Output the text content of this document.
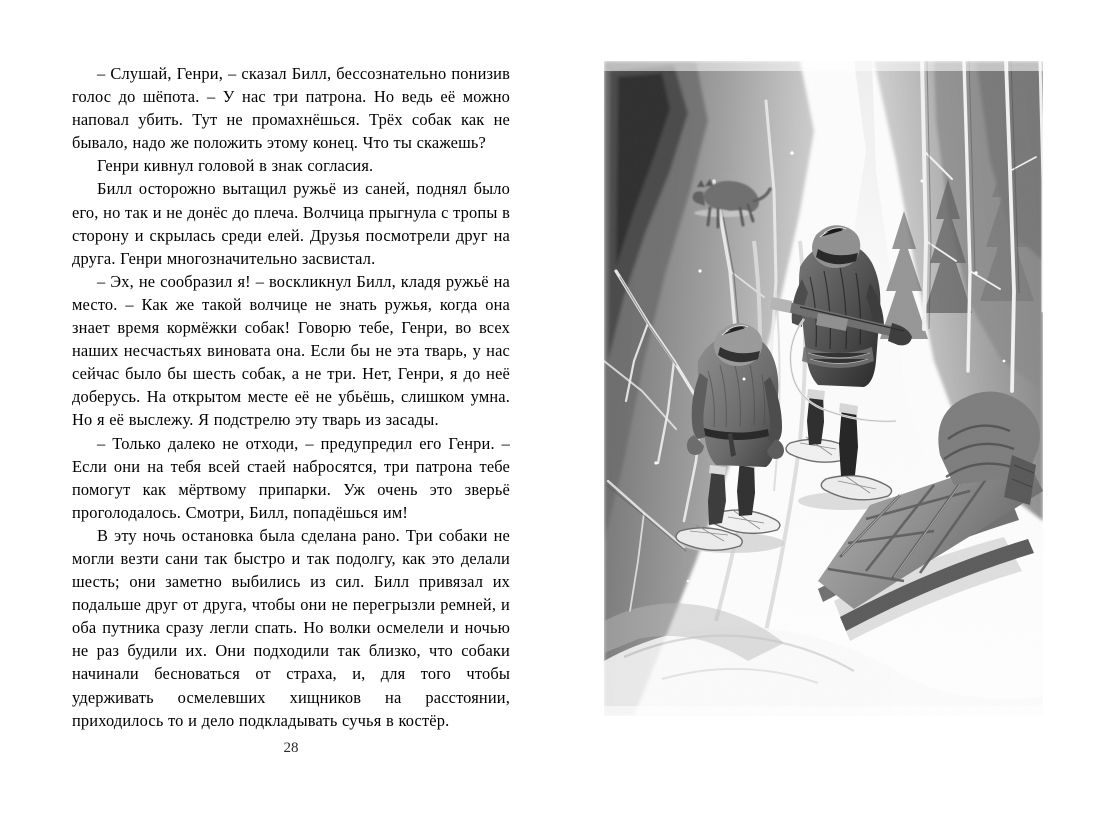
– Слушай, Генри, – сказал Билл, бессознательно понизив голос до шёпота. – У нас три патрона. Но ведь её можно наповал убить. Тут не промахнёшься. Трёх собак как не бывало, надо же положить этому конец. Что ты скажешь?

Генри кивнул головой в знак согласия.

Билл осторожно вытащил ружьё из саней, поднял было его, но так и не донёс до плеча. Волчица прыгнула с тропы в сторону и скрылась среди елей. Друзья посмотрели друг на друга. Генри многозначительно засвистал.

– Эх, не сообразил я! – воскликнул Билл, кладя ружьё на место. – Как же такой волчице не знать ружья, когда она знает время кормёжки собак! Говорю тебе, Генри, во всех наших несчастьях виновата она. Если бы не эта тварь, у нас сейчас было бы шесть собак, а не три. Нет, Генри, я до неё доберусь. На открытом месте её не убьёшь, слишком умна. Но я её выслежу. Я подстрелю эту тварь из засады.

– Только далеко не отходи, – предупредил его Генри. – Если они на тебя всей стаей набросятся, три патрона тебе помогут как мёртвому припарки. Уж очень это зверьё проголодалось. Смотри, Билл, попадёшься им!

В эту ночь остановка была сделана рано. Три собаки не могли везти сани так быстро и так подолгу, как это делали шесть; они заметно выбились из сил. Билл привязал их подальше друг от друга, чтобы они не перегрызли ремней, и оба путника сразу легли спать. Но волки осмелели и ночью не раз будили их. Они подходили так близко, что собаки начинали бесноваться от страха, и, для того чтобы удерживать осмелевших хищников на расстоянии, приходилось то и дело подкладывать сучья в костёр.

28
